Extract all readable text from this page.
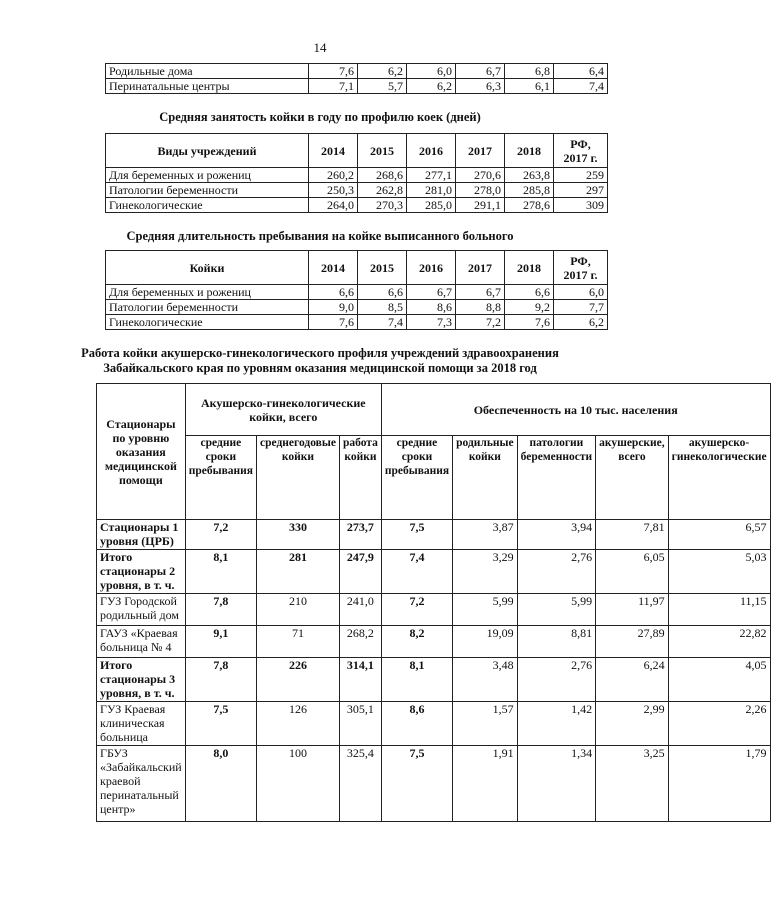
14
Родильные дома	7,6	6,2	6,0	6,7	6,8	6,4
Перинатальные центры	7,1	5,7	6,2	6,3	6,1	7,4
Средняя занятость койки в году по профилю коек (дней)
Виды учреждений	2014	2015	2016	2017	2018	РФ, 2017 г.
Для беременных и рожениц	260,2	268,6	277,1	270,6	263,8	259
Патологии беременности	250,3	262,8	281,0	278,0	285,8	297
Гинекологические	264,0	270,3	285,0	291,1	278,6	309
Средняя длительность пребывания на койке выписанного больного
Койки	2014	2015	2016	2017	2018	РФ, 2017 г.
Для беременных и рожениц	6,6	6,6	6,7	6,7	6,6	6,0
Патологии беременности	9,0	8,5	8,6	8,8	9,2	7,7
Гинекологические	7,6	7,4	7,3	7,2	7,6	6,2
Работа койки акушерско-гинекологического профиля учреждений здравоохранения
Забайкальского края по уровням оказания медицинской помощи за 2018 год
Стационары по уровню оказания медицинской помощи	Акушерско-гинекологические койки, всего			Обеспеченность на 10 тыс. населения				
	средние сроки пребывания	среднегодовые койки	работа койки	средние сроки пребывания	родильные койки	патологии беременности	акушерские, всего	акушерско-гинекологические
Стационары 1 уровня (ЦРБ)	7,2	330	273,7	7,5	3,87	3,94	7,81	6,57
Итого стационары 2 уровня, в т. ч.	8,1	281	247,9	7,4	3,29	2,76	6,05	5,03
ГУЗ Городской родильный дом	7,8	210	241,0	7,2	5,99	5,99	11,97	11,15
ГАУЗ «Краевая больница № 4	9,1	71	268,2	8,2	19,09	8,81	27,89	22,82
Итого стационары 3 уровня, в т. ч.	7,8	226	314,1	8,1	3,48	2,76	6,24	4,05
ГУЗ Краевая клиническая больница	7,5	126	305,1	8,6	1,57	1,42	2,99	2,26
ГБУЗ «Забайкальский краевой перинатальный центр»	8,0	100	325,4	7,5	1,91	1,34	3,25	1,79
